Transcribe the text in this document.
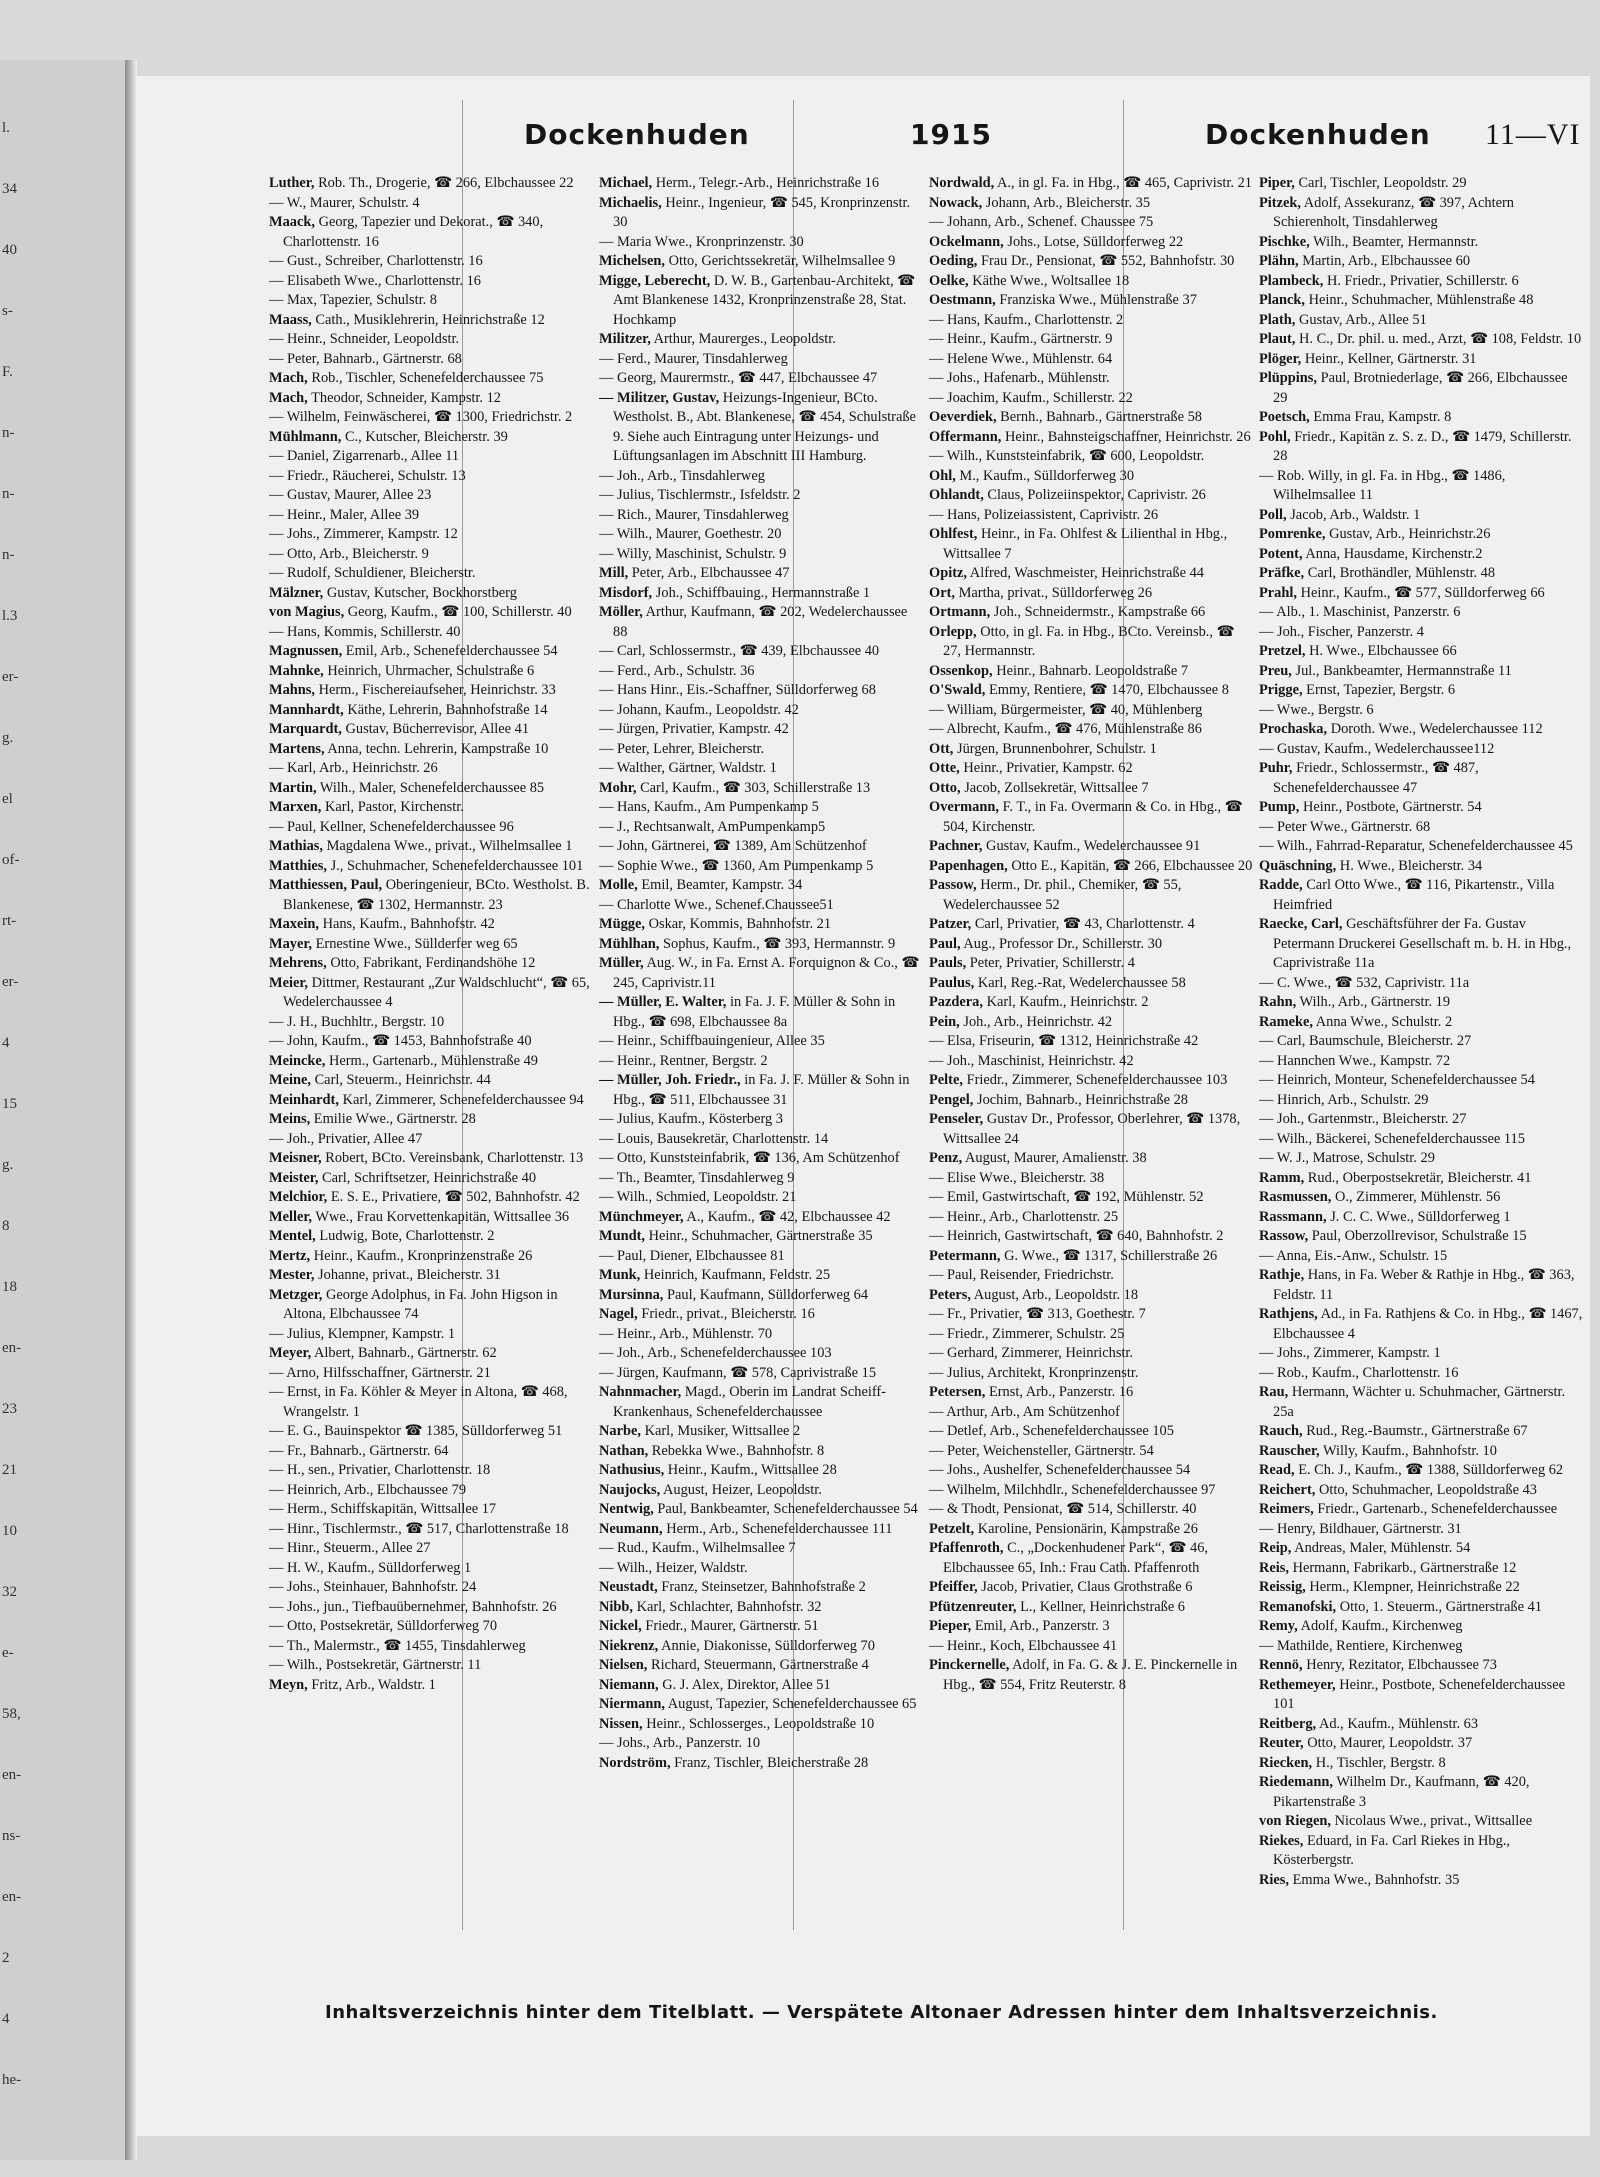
l.
34
40
s-
F.
n-
n-
n-
l.3
er-
g.
el
of-
rt-
er-
4
15
g.
8
18
en-
23
21
10
32
e-
58,
en-
ns-
en-
2
4
he-
Dockenhuden	1915	Dockenhuden 11—VI

Luther, Rob. Th., Drogerie, ☎ 266, Elbchaussee 22

— W., Maurer, Schulstr. 4

Maack, Georg, Tapezier und Dekorat., ☎ 340, Charlottenstr. 16

— Gust., Schreiber, Charlottenstr. 16

— Elisabeth Wwe., Charlottenstr. 16

— Max, Tapezier, Schulstr. 8

Maass, Cath., Musiklehrerin, Heinrichstraße 12

— Heinr., Schneider, Leopoldstr.

— Peter, Bahnarb., Gärtnerstr. 68

Mach, Rob., Tischler, Schenefelderchaussee 75

Mach, Theodor, Schneider, Kampstr. 12

— Wilhelm, Feinwäscherei, ☎ 1300, Friedrichstr. 2

Mühlmann, C., Kutscher, Bleicherstr. 39

— Daniel, Zigarrenarb., Allee 11

— Friedr., Räucherei, Schulstr. 13

— Gustav, Maurer, Allee 23

— Heinr., Maler, Allee 39

— Johs., Zimmerer, Kampstr. 12

— Otto, Arb., Bleicherstr. 9

— Rudolf, Schuldiener, Bleicherstr.

Mälzner, Gustav, Kutscher, Bockhorstberg

von Magius, Georg, Kaufm., ☎ 100, Schillerstr. 40

— Hans, Kommis, Schillerstr. 40

Magnussen, Emil, Arb., Schenefelderchaussee 54

Mahnke, Heinrich, Uhrmacher, Schulstraße 6

Mahns, Herm., Fischereiaufseher, Heinrichstr. 33

Mannhardt, Käthe, Lehrerin, Bahnhofstraße 14

Marquardt, Gustav, Bücherrevisor, Allee 41

Martens, Anna, techn. Lehrerin, Kampstraße 10

— Karl, Arb., Heinrichstr. 26

Martin, Wilh., Maler, Schenefelderchaussee 85

Marxen, Karl, Pastor, Kirchenstr.

— Paul, Kellner, Schenefelderchaussee 96

Mathias, Magdalena Wwe., privat., Wilhelmsallee 1

Matthies, J., Schuhmacher, Schenefelderchaussee 101

Matthiessen, Paul, Oberingenieur, BCto. Westholst. B. Blankenese, ☎ 1302, Hermannstr. 23

Maxein, Hans, Kaufm., Bahnhofstr. 42

Mayer, Ernestine Wwe., Süllderfer weg 65

Mehrens, Otto, Fabrikant, Ferdinandshöhe 12

Meier, Dittmer, Restaurant „Zur Waldschlucht“, ☎ 65, Wedelerchaussee 4

— J. H., Buchhltr., Bergstr. 10

— John, Kaufm., ☎ 1453, Bahnhofstraße 40

Meincke, Herm., Gartenarb., Mühlenstraße 49

Meine, Carl, Steuerm., Heinrichstr. 44

Meinhardt, Karl, Zimmerer, Schenefelderchaussee 94

Meins, Emilie Wwe., Gärtnerstr. 28

— Joh., Privatier, Allee 47

Meisner, Robert, BCto. Vereinsbank, Charlottenstr. 13

Meister, Carl, Schriftsetzer, Heinrichstraße 40

Melchior, E. S. E., Privatiere, ☎ 502, Bahnhofstr. 42

Meller, Wwe., Frau Korvettenkapitän, Wittsallee 36

Mentel, Ludwig, Bote, Charlottenstr. 2

Mertz, Heinr., Kaufm., Kronprinzenstraße 26

Mester, Johanne, privat., Bleicherstr. 31

Metzger, George Adolphus, in Fa. John Higson in Altona, Elbchaussee 74

— Julius, Klempner, Kampstr. 1

Meyer, Albert, Bahnarb., Gärtnerstr. 62

— Arno, Hilfsschaffner, Gärtnerstr. 21

— Ernst, in Fa. Köhler & Meyer in Altona, ☎ 468, Wrangelstr. 1

— E. G., Bauinspektor ☎ 1385, Sülldorferweg 51

— Fr., Bahnarb., Gärtnerstr. 64

— H., sen., Privatier, Charlottenstr. 18

— Heinrich, Arb., Elbchaussee 79

— Herm., Schiffskapitän, Wittsallee 17

— Hinr., Tischlermstr., ☎ 517, Charlottenstraße 18

— Hinr., Steuerm., Allee 27

— H. W., Kaufm., Sülldorferweg 1

— Johs., Steinhauer, Bahnhofstr. 24

— Johs., jun., Tiefbauübernehmer, Bahnhofstr. 26

— Otto, Postsekretär, Sülldorferweg 70

— Th., Malermstr., ☎ 1455, Tinsdahlerweg

— Wilh., Postsekretär, Gärtnerstr. 11

Meyn, Fritz, Arb., Waldstr. 1

Michael, Herm., Telegr.-Arb., Heinrichstraße 16

Michaelis, Heinr., Ingenieur, ☎ 545, Kronprinzenstr. 30

— Maria Wwe., Kronprinzenstr. 30

Michelsen, Otto, Gerichtssekretär, Wilhelmsallee 9

Migge, Leberecht, D. W. B., Gartenbau-Architekt, ☎ Amt Blankenese 1432, Kronprinzenstraße 28, Stat. Hochkamp

Militzer, Arthur, Maurerges., Leopoldstr.

— Ferd., Maurer, Tinsdahlerweg

— Georg, Maurermstr., ☎ 447, Elbchaussee 47

— Militzer, Gustav, Heizungs-Ingenieur, BCto. Westholst. B., Abt. Blankenese, ☎ 454, Schulstraße 9. Siehe auch Eintragung unter Heizungs- und Lüftungsanlagen im Abschnitt III Hamburg.

— Joh., Arb., Tinsdahlerweg

— Julius, Tischlermstr., Isfeldstr. 2

— Rich., Maurer, Tinsdahlerweg

— Wilh., Maurer, Goethestr. 20

— Willy, Maschinist, Schulstr. 9

Mill, Peter, Arb., Elbchaussee 47

Misdorf, Joh., Schiffbauing., Hermannstraße 1

Möller, Arthur, Kaufmann, ☎ 202, Wedelerchaussee 88

— Carl, Schlossermstr., ☎ 439, Elbchaussee 40

— Ferd., Arb., Schulstr. 36

— Hans Hinr., Eis.-Schaffner, Sülldorferweg 68

— Johann, Kaufm., Leopoldstr. 42

— Jürgen, Privatier, Kampstr. 42

— Peter, Lehrer, Bleicherstr.

— Walther, Gärtner, Waldstr. 1

Mohr, Carl, Kaufm., ☎ 303, Schillerstraße 13

— Hans, Kaufm., Am Pumpenkamp 5

— J., Rechtsanwalt, AmPumpenkamp5

— John, Gärtnerei, ☎ 1389, Am Schützenhof

— Sophie Wwe., ☎ 1360, Am Pumpenkamp 5

Molle, Emil, Beamter, Kampstr. 34

— Charlotte Wwe., Schenef.Chaussee51

Mügge, Oskar, Kommis, Bahnhofstr. 21

Mühlhan, Sophus, Kaufm., ☎ 393, Hermannstr. 9

Müller, Aug. W., in Fa. Ernst A. Forquignon & Co., ☎ 245, Caprivistr.11

— Müller, E. Walter, in Fa. J. F. Müller & Sohn in Hbg., ☎ 698, Elbchaussee 8a

— Heinr., Schiffbauingenieur, Allee 35

— Heinr., Rentner, Bergstr. 2

— Müller, Joh. Friedr., in Fa. J. F. Müller & Sohn in Hbg., ☎ 511, Elbchaussee 31

— Julius, Kaufm., Kösterberg 3

— Louis, Bausekretär, Charlottenstr. 14

— Otto, Kunststeinfabrik, ☎ 136, Am Schützenhof

— Th., Beamter, Tinsdahlerweg 9

— Wilh., Schmied, Leopoldstr. 21

Münchmeyer, A., Kaufm., ☎ 42, Elbchaussee 42

Mundt, Heinr., Schuhmacher, Gärtnerstraße 35

— Paul, Diener, Elbchaussee 81

Munk, Heinrich, Kaufmann, Feldstr. 25

Mursinna, Paul, Kaufmann, Sülldorferweg 64

Nagel, Friedr., privat., Bleicherstr. 16

— Heinr., Arb., Mühlenstr. 70

— Joh., Arb., Schenefelderchaussee 103

— Jürgen, Kaufmann, ☎ 578, Caprivistraße 15

Nahnmacher, Magd., Oberin im Landrat Scheiff-Krankenhaus, Schenefelderchaussee

Narbe, Karl, Musiker, Wittsallee 2

Nathan, Rebekka Wwe., Bahnhofstr. 8

Nathusius, Heinr., Kaufm., Wittsallee 28

Naujocks, August, Heizer, Leopoldstr.

Nentwig, Paul, Bankbeamter, Schenefelderchaussee 54

Neumann, Herm., Arb., Schenefelderchaussee 111

— Rud., Kaufm., Wilhelmsallee 7

— Wilh., Heizer, Waldstr.

Neustadt, Franz, Steinsetzer, Bahnhofstraße 2

Nibb, Karl, Schlachter, Bahnhofstr. 32

Nickel, Friedr., Maurer, Gärtnerstr. 51

Niekrenz, Annie, Diakonisse, Sülldorferweg 70

Nielsen, Richard, Steuermann, Gärtnerstraße 4

Niemann, G. J. Alex, Direktor, Allee 51

Niermann, August, Tapezier, Schenefelderchaussee 65

Nissen, Heinr., Schlosserges., Leopoldstraße 10

— Johs., Arb., Panzerstr. 10

Nordström, Franz, Tischler, Bleicherstraße 28

Nordwald, A., in gl. Fa. in Hbg., ☎ 465, Caprivistr. 21

Nowack, Johann, Arb., Bleicherstr. 35

— Johann, Arb., Schenef. Chaussee 75

Ockelmann, Johs., Lotse, Sülldorferweg 22

Oeding, Frau Dr., Pensionat, ☎ 552, Bahnhofstr. 30

Oelke, Käthe Wwe., Woltsallee 18

Oestmann, Franziska Wwe., Mühlenstraße 37

— Hans, Kaufm., Charlottenstr. 2

— Heinr., Kaufm., Gärtnerstr. 9

— Helene Wwe., Mühlenstr. 64

— Johs., Hafenarb., Mühlenstr.

— Joachim, Kaufm., Schillerstr. 22

Oeverdiek, Bernh., Bahnarb., Gärtnerstraße 58

Offermann, Heinr., Bahnsteigschaffner, Heinrichstr. 26

— Wilh., Kunststeinfabrik, ☎ 600, Leopoldstr.

Ohl, M., Kaufm., Sülldorferweg 30

Ohlandt, Claus, Polizeiinspektor, Caprivistr. 26

— Hans, Polizeiassistent, Caprivistr. 26

Ohlfest, Heinr., in Fa. Ohlfest & Lilienthal in Hbg., Wittsallee 7

Opitz, Alfred, Waschmeister, Heinrichstraße 44

Ort, Martha, privat., Sülldorferweg 26

Ortmann, Joh., Schneidermstr., Kampstraße 66

Orlepp, Otto, in gl. Fa. in Hbg., BCto. Vereinsb., ☎ 27, Hermannstr.

Ossenkop, Heinr., Bahnarb. Leopoldstraße 7

O'Swald, Emmy, Rentiere, ☎ 1470, Elbchaussee 8

— William, Bürgermeister, ☎ 40, Mühlenberg

— Albrecht, Kaufm., ☎ 476, Mühlenstraße 86

Ott, Jürgen, Brunnenbohrer, Schulstr. 1

Otte, Heinr., Privatier, Kampstr. 62

Otto, Jacob, Zollsekretär, Wittsallee 7

Overmann, F. T., in Fa. Overmann & Co. in Hbg., ☎ 504, Kirchenstr.

Pachner, Gustav, Kaufm., Wedelerchaussee 91

Papenhagen, Otto E., Kapitän, ☎ 266, Elbchaussee 20

Passow, Herm., Dr. phil., Chemiker, ☎ 55, Wedelerchaussee 52

Patzer, Carl, Privatier, ☎ 43, Charlottenstr. 4

Paul, Aug., Professor Dr., Schillerstr. 30

Pauls, Peter, Privatier, Schillerstr. 4

Paulus, Karl, Reg.-Rat, Wedelerchaussee 58

Pazdera, Karl, Kaufm., Heinrichstr. 2

Pein, Joh., Arb., Heinrichstr. 42

— Elsa, Friseurin, ☎ 1312, Heinrichstraße 42

— Joh., Maschinist, Heinrichstr. 42

Pelte, Friedr., Zimmerer, Schenefelderchaussee 103

Pengel, Jochim, Bahnarb., Heinrichstraße 28

Penseler, Gustav Dr., Professor, Oberlehrer, ☎ 1378, Wittsallee 24

Penz, August, Maurer, Amalienstr. 38

— Elise Wwe., Bleicherstr. 38

— Emil, Gastwirtschaft, ☎ 192, Mühlenstr. 52

— Heinr., Arb., Charlottenstr. 25

— Heinrich, Gastwirtschaft, ☎ 640, Bahnhofstr. 2

Petermann, G. Wwe., ☎ 1317, Schillerstraße 26

— Paul, Reisender, Friedrichstr.

Peters, August, Arb., Leopoldstr. 18

— Fr., Privatier, ☎ 313, Goethestr. 7

— Friedr., Zimmerer, Schulstr. 25

— Gerhard, Zimmerer, Heinrichstr.

— Julius, Architekt, Kronprinzenstr.

Petersen, Ernst, Arb., Panzerstr. 16

— Arthur, Arb., Am Schützenhof

— Detlef, Arb., Schenefelderchaussee 105

— Peter, Weichensteller, Gärtnerstr. 54

— Johs., Aushelfer, Schenefelderchaussee 54

— Wilhelm, Milchhdlr., Schenefelderchaussee 97

— & Thodt, Pensionat, ☎ 514, Schillerstr. 40

Petzelt, Karoline, Pensionärin, Kampstraße 26

Pfaffenroth, C., „Dockenhudener Park“, ☎ 46, Elbchaussee 65, Inh.: Frau Cath. Pfaffenroth

Pfeiffer, Jacob, Privatier, Claus Grothstraße 6

Pfützenreuter, L., Kellner, Heinrichstraße 6

Pieper, Emil, Arb., Panzerstr. 3

— Heinr., Koch, Elbchaussee 41

Pinckernelle, Adolf, in Fa. G. & J. E. Pinckernelle in Hbg., ☎ 554, Fritz Reuterstr. 8

Piper, Carl, Tischler, Leopoldstr. 29

Pitzek, Adolf, Assekuranz, ☎ 397, Achtern Schierenholt, Tinsdahlerweg

Pischke, Wilh., Beamter, Hermannstr.

Plähn, Martin, Arb., Elbchaussee 60

Plambeck, H. Friedr., Privatier, Schillerstr. 6

Planck, Heinr., Schuhmacher, Mühlenstraße 48

Plath, Gustav, Arb., Allee 51

Plaut, H. C., Dr. phil. u. med., Arzt, ☎ 108, Feldstr. 10

Plöger, Heinr., Kellner, Gärtnerstr. 31

Plüppins, Paul, Brotniederlage, ☎ 266, Elbchaussee 29

Poetsch, Emma Frau, Kampstr. 8

Pohl, Friedr., Kapitän z. S. z. D., ☎ 1479, Schillerstr. 28

— Rob. Willy, in gl. Fa. in Hbg., ☎ 1486, Wilhelmsallee 11

Poll, Jacob, Arb., Waldstr. 1

Pomrenke, Gustav, Arb., Heinrichstr.26

Potent, Anna, Hausdame, Kirchenstr.2

Präfke, Carl, Brothändler, Mühlenstr. 48

Prahl, Heinr., Kaufm., ☎ 577, Sülldorferweg 66

— Alb., 1. Maschinist, Panzerstr. 6

— Joh., Fischer, Panzerstr. 4

Pretzel, H. Wwe., Elbchaussee 66

Preu, Jul., Bankbeamter, Hermannstraße 11

Prigge, Ernst, Tapezier, Bergstr. 6

— Wwe., Bergstr. 6

Prochaska, Doroth. Wwe., Wedelerchaussee 112

— Gustav, Kaufm., Wedelerchaussee112

Puhr, Friedr., Schlossermstr., ☎ 487, Schenefelderchaussee 47

Pump, Heinr., Postbote, Gärtnerstr. 54

— Peter Wwe., Gärtnerstr. 68

— Wilh., Fahrrad-Reparatur, Schenefelderchaussee 45

Quäschning, H. Wwe., Bleicherstr. 34

Radde, Carl Otto Wwe., ☎ 116, Pikartenstr., Villa Heimfried

Raecke, Carl, Geschäftsführer der Fa. Gustav Petermann Druckerei Gesellschaft m. b. H. in Hbg., Caprivistraße 11a

— C. Wwe., ☎ 532, Caprivistr. 11a

Rahn, Wilh., Arb., Gärtnerstr. 19

Rameke, Anna Wwe., Schulstr. 2

— Carl, Baumschule, Bleicherstr. 27

— Hannchen Wwe., Kampstr. 72

— Heinrich, Monteur, Schenefelderchaussee 54

— Hinrich, Arb., Schulstr. 29

— Joh., Gartenmstr., Bleicherstr. 27

— Wilh., Bäckerei, Schenefelderchaussee 115

— W. J., Matrose, Schulstr. 29

Ramm, Rud., Oberpostsekretär, Bleicherstr. 41

Rasmussen, O., Zimmerer, Mühlenstr. 56

Rassmann, J. C. C. Wwe., Sülldorferweg 1

Rassow, Paul, Oberzollrevisor, Schulstraße 15

— Anna, Eis.-Anw., Schulstr. 15

Rathje, Hans, in Fa. Weber & Rathje in Hbg., ☎ 363, Feldstr. 11

Rathjens, Ad., in Fa. Rathjens & Co. in Hbg., ☎ 1467, Elbchaussee 4

— Johs., Zimmerer, Kampstr. 1

— Rob., Kaufm., Charlottenstr. 16

Rau, Hermann, Wächter u. Schuhmacher, Gärtnerstr. 25a

Rauch, Rud., Reg.-Baumstr., Gärtnerstraße 67

Rauscher, Willy, Kaufm., Bahnhofstr. 10

Read, E. Ch. J., Kaufm., ☎ 1388, Sülldorferweg 62

Reichert, Otto, Schuhmacher, Leopoldstraße 43

Reimers, Friedr., Gartenarb., Schenefelderchaussee

— Henry, Bildhauer, Gärtnerstr. 31

Reip, Andreas, Maler, Mühlenstr. 54

Reis, Hermann, Fabrikarb., Gärtnerstraße 12

Reissig, Herm., Klempner, Heinrichstraße 22

Remanofski, Otto, 1. Steuerm., Gärtnerstraße 41

Remy, Adolf, Kaufm., Kirchenweg

— Mathilde, Rentiere, Kirchenweg

Rennö, Henry, Rezitator, Elbchaussee 73

Rethemeyer, Heinr., Postbote, Schenefelderchaussee 101

Reitberg, Ad., Kaufm., Mühlenstr. 63

Reuter, Otto, Maurer, Leopoldstr. 37

Riecken, H., Tischler, Bergstr. 8

Riedemann, Wilhelm Dr., Kaufmann, ☎ 420, Pikartenstraße 3

von Riegen, Nicolaus Wwe., privat., Wittsallee

Riekes, Eduard, in Fa. Carl Riekes in Hbg., Kösterbergstr.

Ries, Emma Wwe., Bahnhofstr. 35

Inhaltsverzeichnis hinter dem Titelblatt. — Verspätete Altonaer Adressen hinter dem Inhaltsverzeichnis.
